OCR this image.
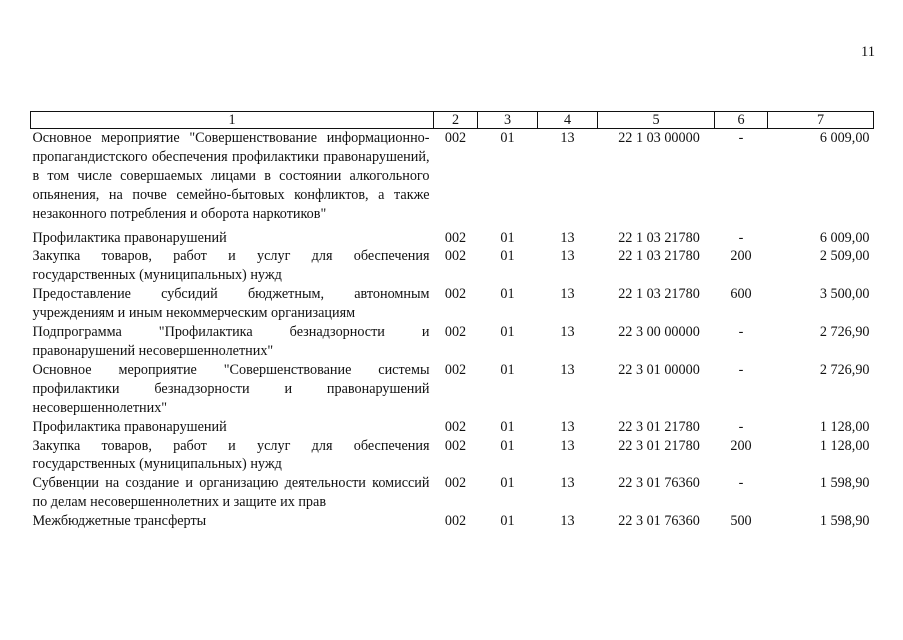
11
1	2	3	4	5	6	7
Основное мероприятие "Совершенствование информационно-пропагандистского обеспечения профилактики правонарушений, в том числе совершаемых лицами в состоянии алкогольного опьянения, на почве семейно-бытовых конфликтов, а также незаконного потребления и оборота наркотиков"	002	01	13	22 1 03 00000	-	6 009,00
Профилактика правонарушений	002	01	13	22 1 03 21780	-	6 009,00
Закупка товаров, работ и услуг для обеспечения государственных (муниципальных) нужд	002	01	13	22 1 03 21780	200	2 509,00
Предоставление субсидий бюджетным, автономным учреждениям и иным некоммерческим организациям	002	01	13	22 1 03 21780	600	3 500,00
Подпрограмма "Профилактика безнадзорности и правонарушений несовершеннолетних"	002	01	13	22 3 00 00000	-	2 726,90
Основное мероприятие "Совершенствование системы профилактики безнадзорности и правонарушений несовершеннолетних"	002	01	13	22 3 01 00000	-	2 726,90
Профилактика правонарушений	002	01	13	22 3 01 21780	-	1 128,00
Закупка товаров, работ и услуг для обеспечения государственных (муниципальных) нужд	002	01	13	22 3 01 21780	200	1 128,00
Субвенции на создание и организацию деятельности комиссий по делам несовершеннолетних и защите их прав	002	01	13	22 3 01 76360	-	1 598,90
Межбюджетные трансферты	002	01	13	22 3 01 76360	500	1 598,90
